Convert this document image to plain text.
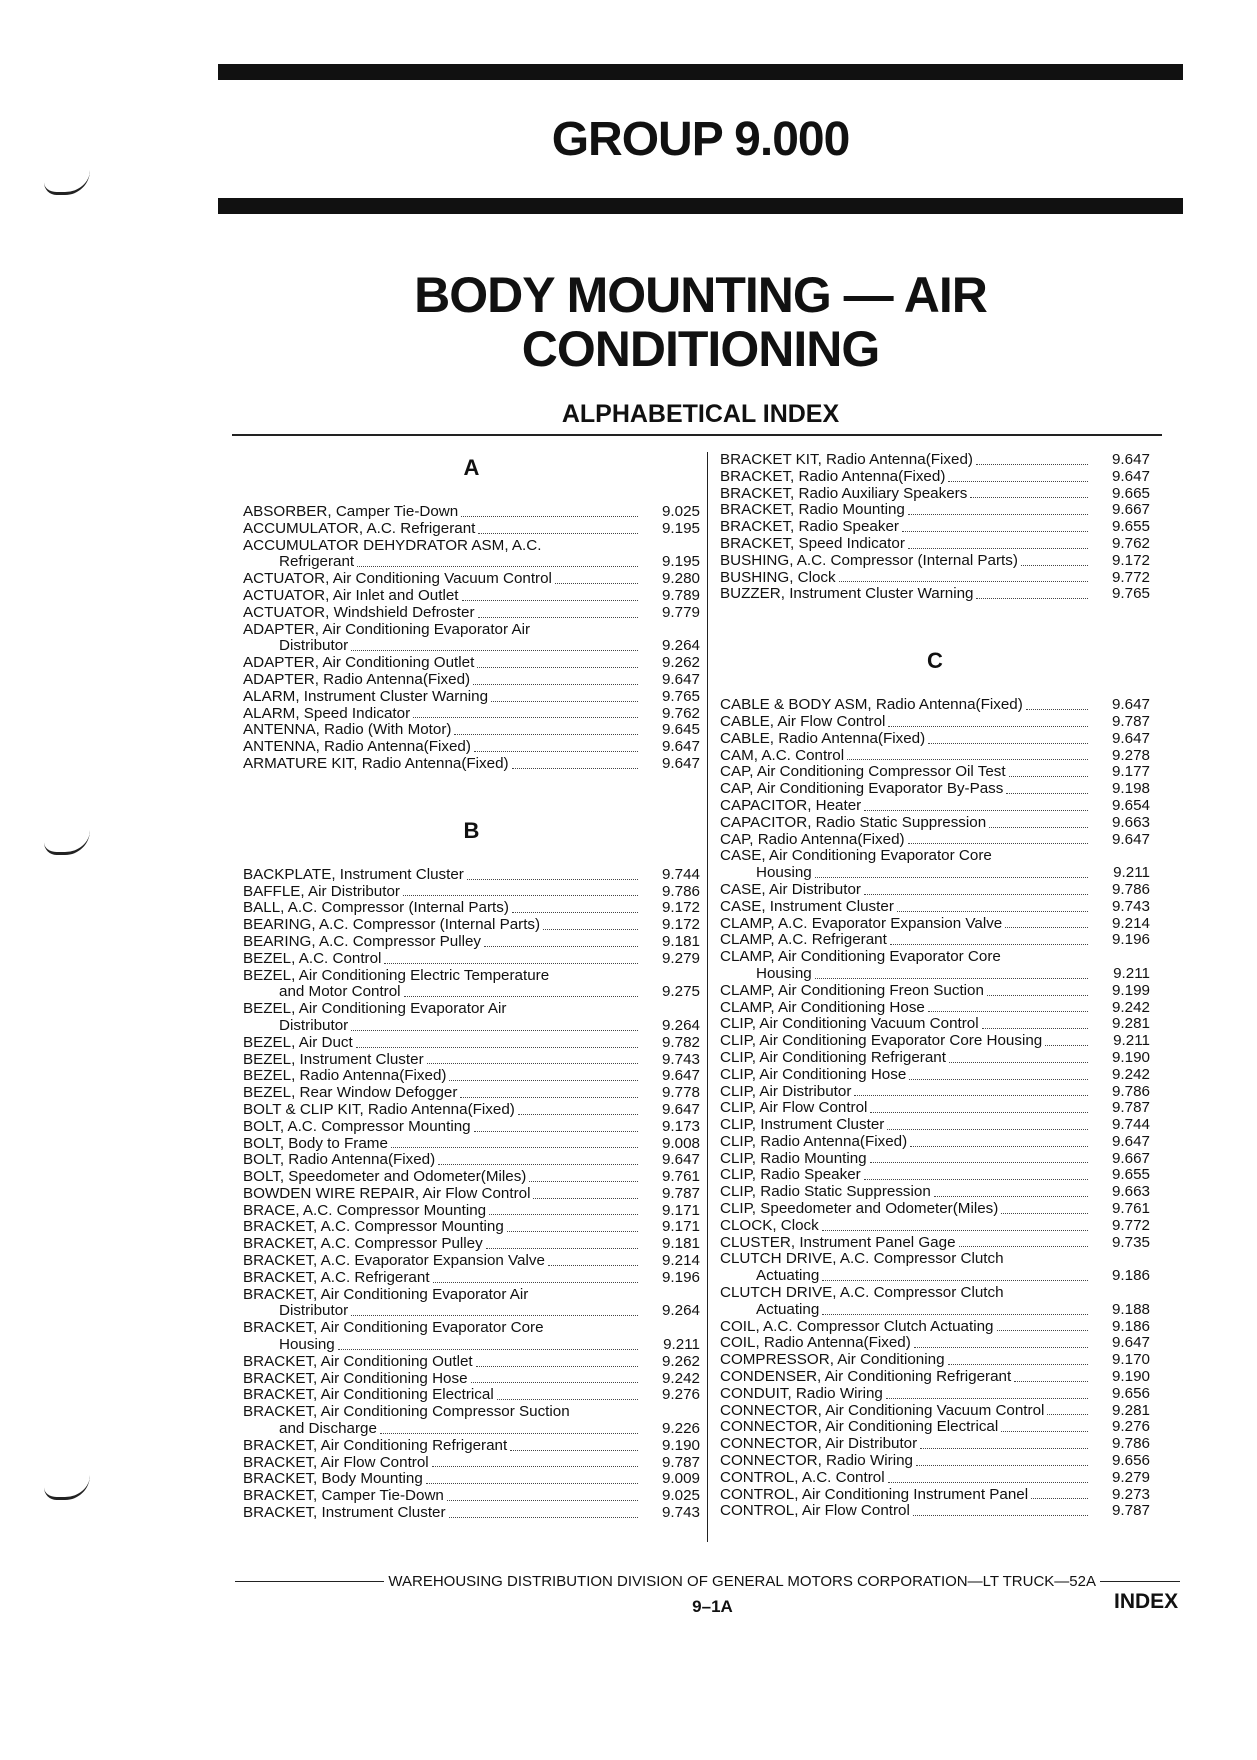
GROUP 9.000
BODY MOUNTING — AIR
CONDITIONING
ALPHABETICAL INDEX
A
ABSORBER, Camper Tie-Down	9.025
ACCUMULATOR, A.C. Refrigerant	9.195
ACCUMULATOR DEHYDRATOR ASM, A.C.
Refrigerant	9.195
ACTUATOR, Air Conditioning Vacuum Control	9.280
ACTUATOR, Air Inlet and Outlet	9.789
ACTUATOR, Windshield Defroster	9.779
ADAPTER, Air Conditioning Evaporator Air
Distributor	9.264
ADAPTER, Air Conditioning Outlet	9.262
ADAPTER, Radio Antenna(Fixed)	9.647
ALARM, Instrument Cluster Warning	9.765
ALARM, Speed Indicator	9.762
ANTENNA, Radio (With Motor)	9.645
ANTENNA, Radio Antenna(Fixed)	9.647
ARMATURE KIT, Radio Antenna(Fixed)	9.647
B
BACKPLATE, Instrument Cluster	9.744
BAFFLE, Air Distributor	9.786
BALL, A.C. Compressor (Internal Parts)	9.172
BEARING, A.C. Compressor (Internal Parts)	9.172
BEARING, A.C. Compressor Pulley	9.181
BEZEL, A.C. Control	9.279
BEZEL, Air Conditioning Electric Temperature
and Motor Control	9.275
BEZEL, Air Conditioning Evaporator Air
Distributor	9.264
BEZEL, Air Duct	9.782
BEZEL, Instrument Cluster	9.743
BEZEL, Radio Antenna(Fixed)	9.647
BEZEL, Rear Window Defogger	9.778
BOLT & CLIP KIT, Radio Antenna(Fixed)	9.647
BOLT, A.C. Compressor Mounting	9.173
BOLT, Body to Frame	9.008
BOLT, Radio Antenna(Fixed)	9.647
BOLT, Speedometer and Odometer(Miles)	9.761
BOWDEN WIRE REPAIR, Air Flow Control	9.787
BRACE, A.C. Compressor Mounting	9.171
BRACKET, A.C. Compressor Mounting	9.171
BRACKET, A.C. Compressor Pulley	9.181
BRACKET, A.C. Evaporator Expansion Valve	9.214
BRACKET, A.C. Refrigerant	9.196
BRACKET, Air Conditioning Evaporator Air
Distributor	9.264
BRACKET, Air Conditioning Evaporator Core
Housing	9.211
BRACKET, Air Conditioning Outlet	9.262
BRACKET, Air Conditioning Hose	9.242
BRACKET, Air Conditioning Electrical	9.276
BRACKET, Air Conditioning Compressor Suction
and Discharge	9.226
BRACKET, Air Conditioning Refrigerant	9.190
BRACKET, Air Flow Control	9.787
BRACKET, Body Mounting	9.009
BRACKET, Camper Tie-Down	9.025
BRACKET, Instrument Cluster	9.743
BRACKET KIT, Radio Antenna(Fixed)	9.647
BRACKET, Radio Antenna(Fixed)	9.647
BRACKET, Radio Auxiliary Speakers	9.665
BRACKET, Radio Mounting	9.667
BRACKET, Radio Speaker	9.655
BRACKET, Speed Indicator	9.762
BUSHING, A.C. Compressor (Internal Parts)	9.172
BUSHING, Clock	9.772
BUZZER, Instrument Cluster Warning	9.765
C
CABLE & BODY ASM, Radio Antenna(Fixed)	9.647
CABLE, Air Flow Control	9.787
CABLE, Radio Antenna(Fixed)	9.647
CAM, A.C. Control	9.278
CAP, Air Conditioning Compressor Oil Test	9.177
CAP, Air Conditioning Evaporator By-Pass	9.198
CAPACITOR, Heater	9.654
CAPACITOR, Radio Static Suppression	9.663
CAP, Radio Antenna(Fixed)	9.647
CASE, Air Conditioning Evaporator Core
Housing	9.211
CASE, Air Distributor	9.786
CASE, Instrument Cluster	9.743
CLAMP, A.C. Evaporator Expansion Valve	9.214
CLAMP, A.C. Refrigerant	9.196
CLAMP, Air Conditioning Evaporator Core
Housing	9.211
CLAMP, Air Conditioning Freon Suction	9.199
CLAMP, Air Conditioning Hose	9.242
CLIP, Air Conditioning Vacuum Control	9.281
CLIP, Air Conditioning Evaporator Core Housing	9.211
CLIP, Air Conditioning Refrigerant	9.190
CLIP, Air Conditioning Hose	9.242
CLIP, Air Distributor	9.786
CLIP, Air Flow Control	9.787
CLIP, Instrument Cluster	9.744
CLIP, Radio Antenna(Fixed)	9.647
CLIP, Radio Mounting	9.667
CLIP, Radio Speaker	9.655
CLIP, Radio Static Suppression	9.663
CLIP, Speedometer and Odometer(Miles)	9.761
CLOCK, Clock	9.772
CLUSTER, Instrument Panel Gage	9.735
CLUTCH DRIVE, A.C. Compressor Clutch
Actuating	9.186
CLUTCH DRIVE, A.C. Compressor Clutch
Actuating	9.188
COIL, A.C. Compressor Clutch Actuating	9.186
COIL, Radio Antenna(Fixed)	9.647
COMPRESSOR, Air Conditioning	9.170
CONDENSER, Air Conditioning Refrigerant	9.190
CONDUIT, Radio Wiring	9.656
CONNECTOR, Air Conditioning Vacuum Control	9.281
CONNECTOR, Air Conditioning Electrical	9.276
CONNECTOR, Air Distributor	9.786
CONNECTOR, Radio Wiring	9.656
CONTROL, A.C. Control	9.279
CONTROL, Air Conditioning Instrument Panel	9.273
CONTROL, Air Flow Control	9.787
WAREHOUSING DISTRIBUTION DIVISION OF GENERAL MOTORS CORPORATION—LT TRUCK—52A
9–1A	INDEX
